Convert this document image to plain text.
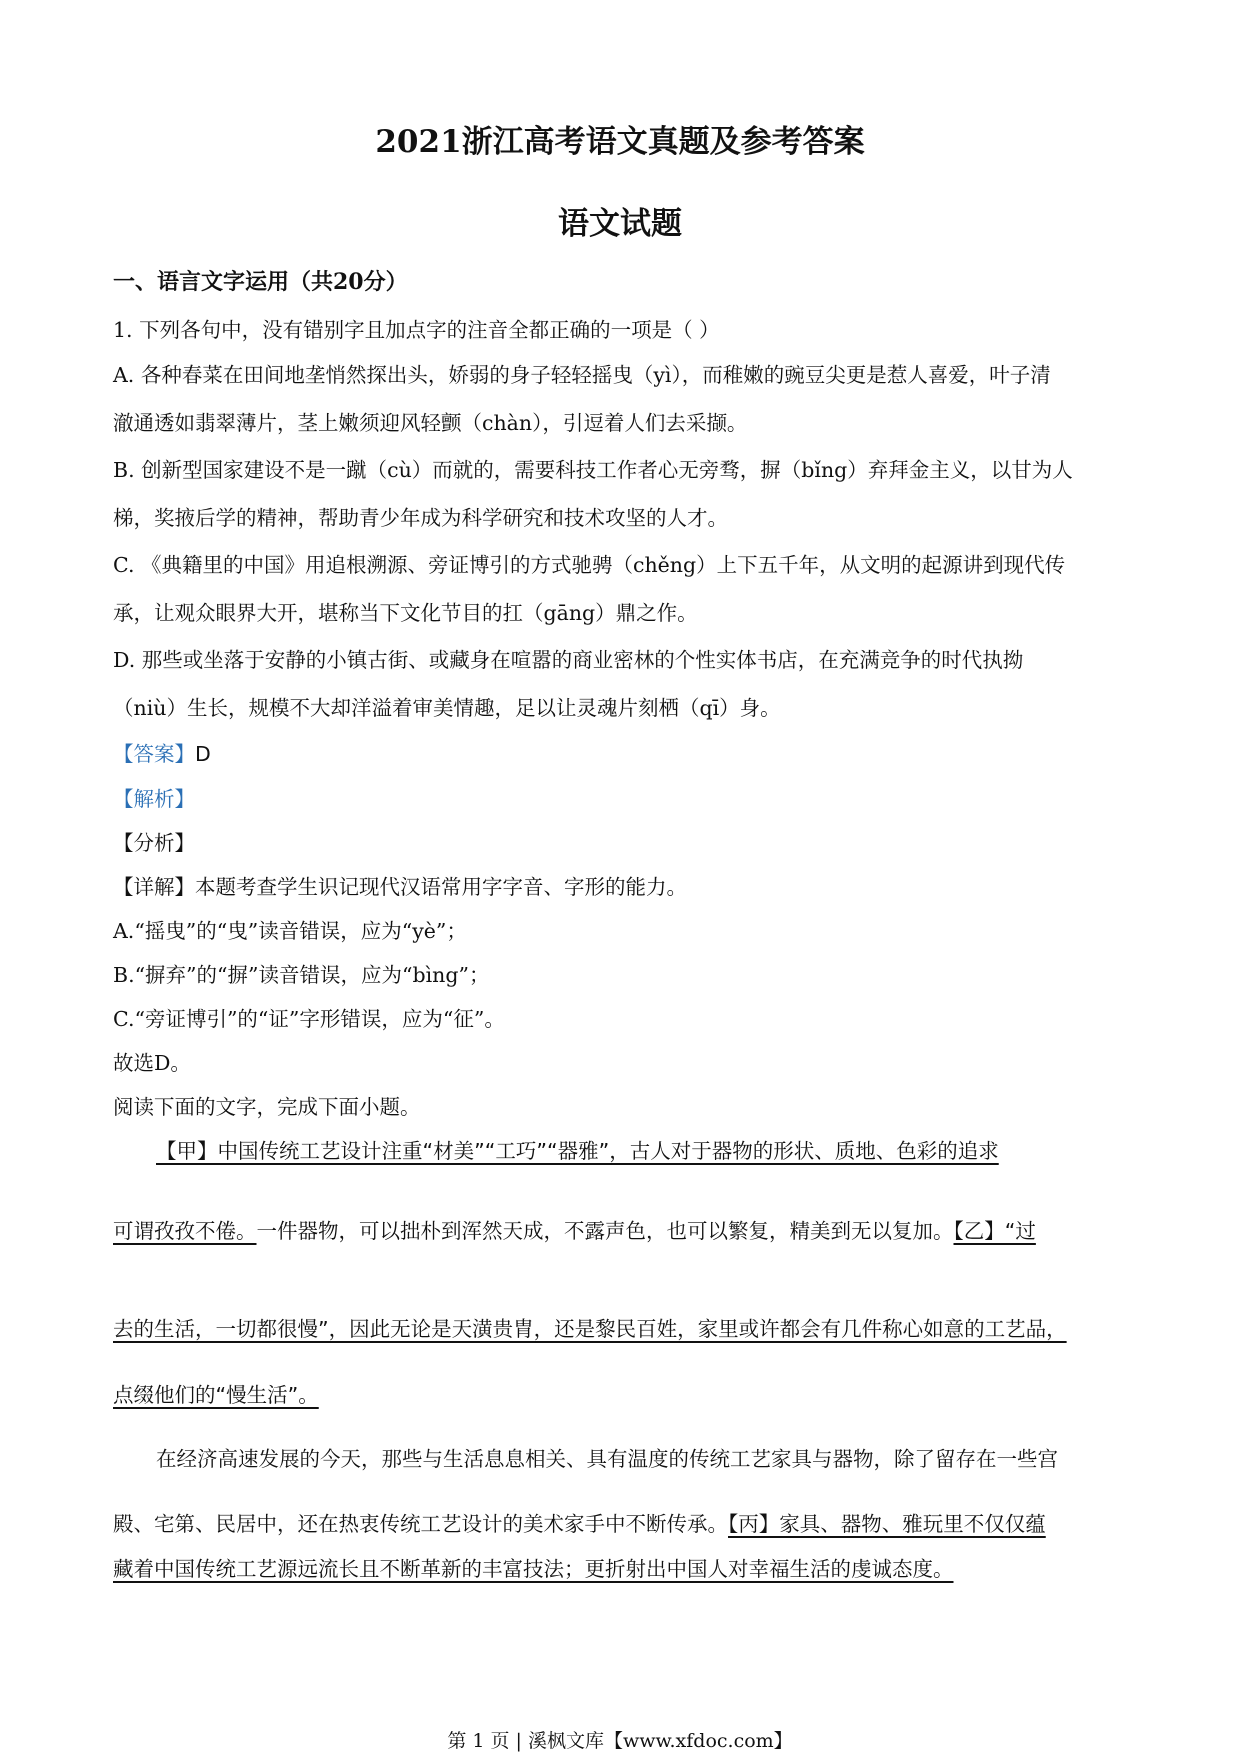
2021浙江高考语文真题及参考答案
语文试题
一、语言文字运用（共20分）
1. 下列各句中，没有错别字且加点字的注音全都正确的一项是（ ）
A. 各种春菜在田间地垄悄然探出头，娇弱的身子轻轻摇曳（yì），而稚嫩的豌豆尖更是惹人喜爱，叶子清
澈通透如翡翠薄片，茎上嫩须迎风轻颤（chàn），引逗着人们去采撷。
B. 创新型国家建设不是一蹴（cù）而就的，需要科技工作者心无旁骛，摒（bǐng）弃拜金主义，以甘为人
梯，奖掖后学的精神，帮助青少年成为科学研究和技术攻坚的人才。
C. 《典籍里的中国》用追根溯源、旁证博引的方式驰骋（chěng）上下五千年，从文明的起源讲到现代传
承，让观众眼界大开，堪称当下文化节目的扛（gāng）鼎之作。
D. 那些或坐落于安静的小镇古街、或藏身在喧嚣的商业密林的个性实体书店，在充满竞争的时代执拗
（niù）生长，规模不大却洋溢着审美情趣，足以让灵魂片刻栖（qī）身。
【答案】D
【解析】
【分析】
【详解】本题考查学生识记现代汉语常用字字音、字形的能力。
A.“摇曳”的“曳”读音错误，应为“yè”；
B.“摒弃”的“摒”读音错误，应为“bìng”；
C.“旁证博引”的“证”字形错误，应为“征”。
故选D。
阅读下面的文字，完成下面小题。
【甲】中国传统工艺设计注重“材美”“工巧”“器雅”，古人对于器物的形状、质地、色彩的追求
可谓孜孜不倦。一件器物，可以拙朴到浑然天成，不露声色，也可以繁复，精美到无以复加。【乙】“过
去的生活，一切都很慢”，因此无论是天潢贵胄，还是黎民百姓，家里或许都会有几件称心如意的工艺品，
点缀他们的“慢生活”。
在经济高速发展的今天，那些与生活息息相关、具有温度的传统工艺家具与器物，除了留存在一些宫
殿、宅第、民居中，还在热衷传统工艺设计的美术家手中不断传承。【丙】家具、器物、雅玩里不仅仅蕴
藏着中国传统工艺源远流长且不断革新的丰富技法；更折射出中国人对幸福生活的虔诚态度。
第 1 页 | 溪枫文库【www.xfdoc.com】
